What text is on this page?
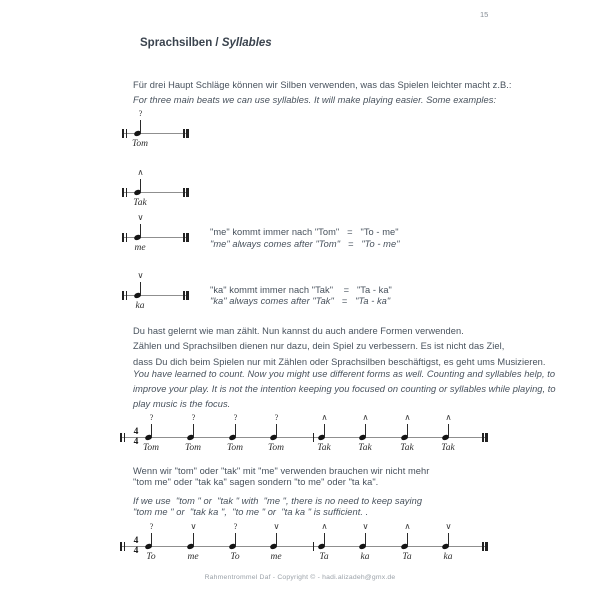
15
Sprachsilben / Syllables
Für drei Haupt Schläge können wir Silben verwenden, was das Spielen leichter macht z.B.:
For three main beats we can use syllables. It will make playing easier. Some examples:
?
Tom
∧
Tak
∨
me
"me" kommt immer nach "Tom"   =   "To - me"
"me" always comes after "Tom"   =   "To - me"
∨
ka
"ka" kommt immer nach "Tak"    =   "Ta - ka"
"ka" always comes after "Tak"   =   "Ta - ka"
Du hast gelernt wie man zählt. Nun kannst du auch andere Formen verwenden.
Zählen und Sprachsilben dienen nur dazu, dein Spiel zu verbessern. Es ist nicht das Ziel,
dass Du dich beim Spielen nur mit Zählen oder Sprachsilben beschäftigst, es geht ums Musizieren.
You have learned to count. Now you might use different forms as well. Counting and syllables help, to
improve your play. It is not the intention keeping you focused on counting or syllables while playing, to
play music is the focus.
4
4
?
Tom
?
Tom
?
Tom
?
Tom
∧
Tak
∧
Tak
∧
Tak
∧
Tak
Wenn wir "tom" oder "tak" mit "me" verwenden brauchen wir nicht mehr
"tom me" oder "tak ka" sagen sondern "to me" oder "ta ka".
If we use  "tom " or  "tak " with  "me ", there is no need to keep saying
"tom me " or  "tak ka ",  "to me " or  "ta ka " is sufficient. .
4
4
?
To
∨
me
?
To
∨
me
∧
Ta
∨
ka
∧
Ta
∨
ka
Rahmentrommel Daf - Copyright © - hadi.alizadeh@gmx.de
